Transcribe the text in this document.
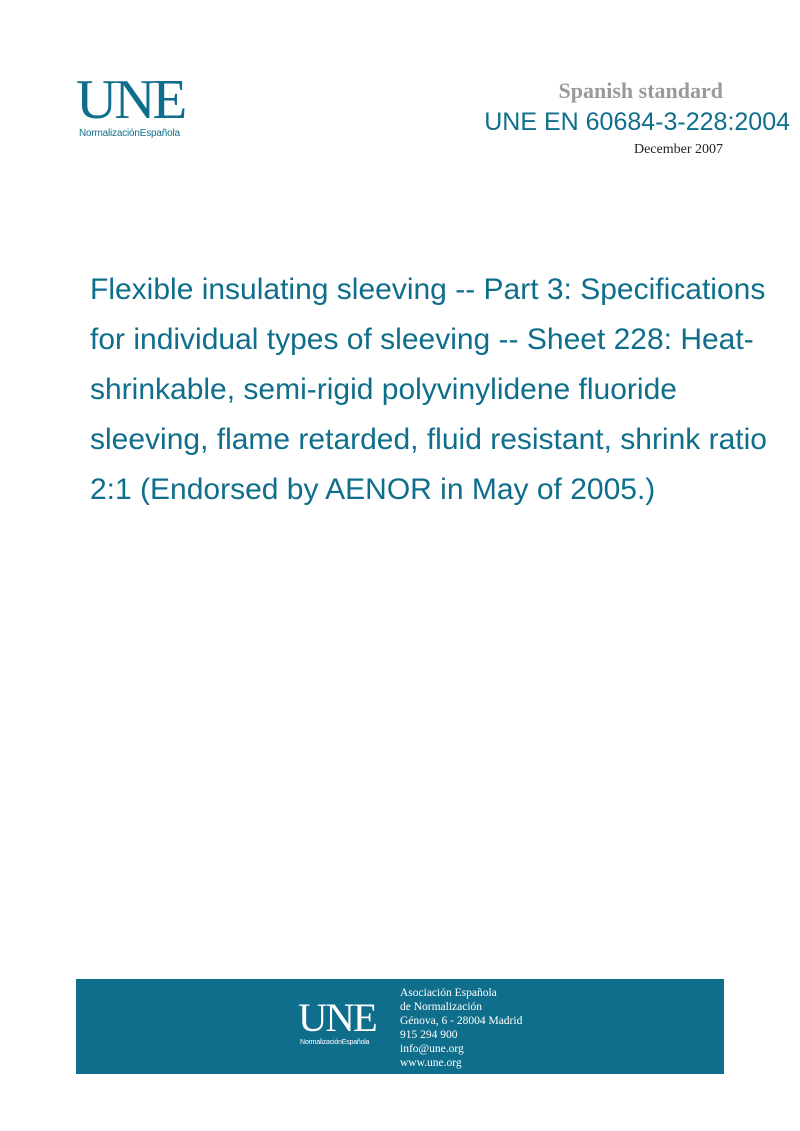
UNE
NormalizaciónEspañola
Spanish standard
UNE EN 60684-3-228:2004
December 2007
Flexible insulating sleeving -- Part 3: Specifications for individual types of sleeving -- Sheet 228: Heat-shrinkable, semi-rigid polyvinylidene fluoride sleeving, flame retarded, fluid resistant, shrink ratio 2:1 (Endorsed by AENOR in May of 2005.)
UNE
NormalizaciónEspañola
Asociación Española
de Normalización
Génova, 6 - 28004 Madrid
915 294 900
info@une.org
www.une.org
